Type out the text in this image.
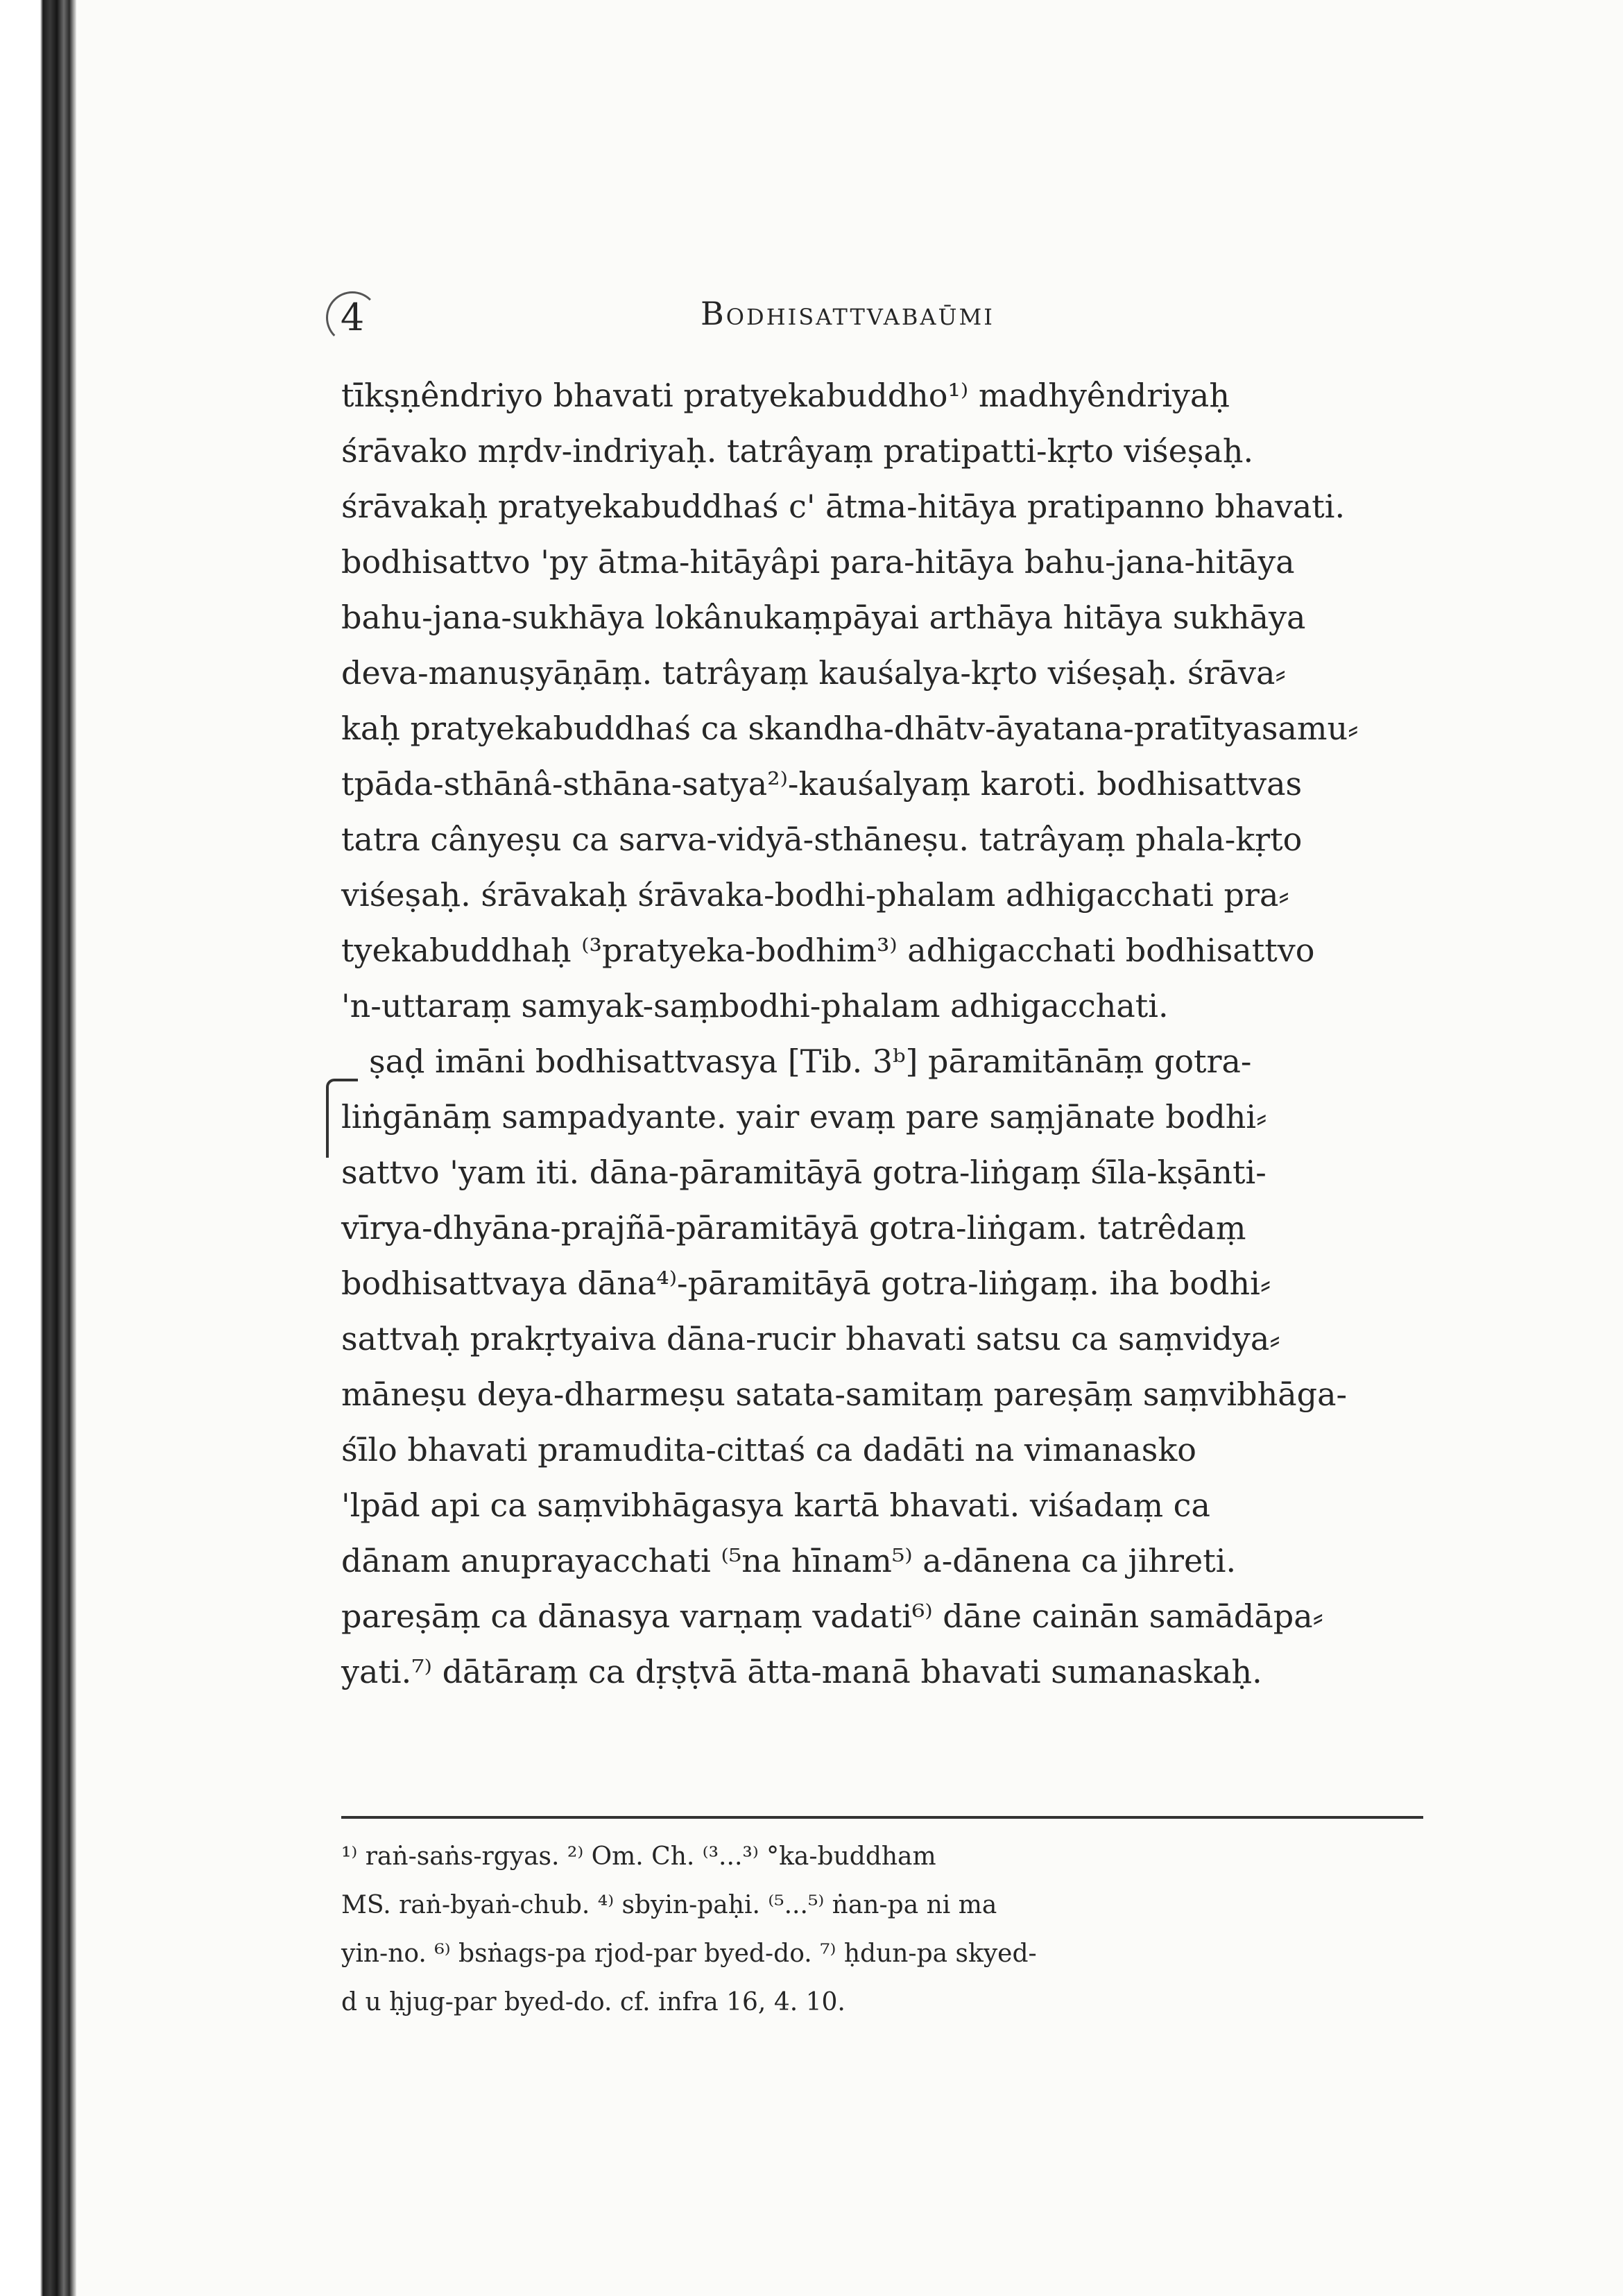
4	Bodhisattvabaūmi
tīkṣṇêndriyo bhavati pratyekabuddho¹⁾ madhyêndriyaḥ
śrāvako mṛdv-indriyaḥ. tatrâyaṃ pratipatti-kṛto viśeṣaḥ.
śrāvakaḥ pratyekabuddhaś c' ātma-hitāya pratipanno bhavati.
bodhisattvo 'py ātma-hitāyâpi para-hitāya bahu-jana-hitāya
bahu-jana-sukhāya lokânukaṃpāyai arthāya hitāya sukhāya
deva-manuṣyāṇāṃ. tatrâyaṃ kauśalya-kṛto viśeṣaḥ. śrāva⸗
kaḥ pratyekabuddhaś ca skandha-dhātv-āyatana-pratītyasamu⸗
tpāda-sthānâ-sthāna-satya²⁾-kauśalyaṃ karoti. bodhisattvas
tatra cânyeṣu ca sarva-vidyā-sthāneṣu. tatrâyaṃ phala-kṛto
viśeṣaḥ. śrāvakaḥ śrāvaka-bodhi-phalam adhigacchati pra⸗
tyekabuddhaḥ ⁽³pratyeka-bodhim³⁾ adhigacchati bodhisattvo
'n-uttaraṃ samyak-saṃbodhi-phalam adhigacchati.
ṣaḍ imāni bodhisattvasya [Tib. 3ᵇ] pāramitānāṃ gotra-
liṅgānāṃ sampadyante. yair evaṃ pare saṃjānate bodhi⸗
sattvo 'yam iti. dāna-pāramitāyā gotra-liṅgaṃ śīla-kṣānti-
vīrya-dhyāna-prajñā-pāramitāyā gotra-liṅgam. tatrêdaṃ
bodhisattvaya dāna⁴⁾-pāramitāyā gotra-liṅgaṃ. iha bodhi⸗
sattvaḥ prakṛtyaiva dāna-rucir bhavati satsu ca saṃvidya⸗
māneṣu deya-dharmeṣu satata-samitaṃ pareṣāṃ saṃvibhāga-
śīlo bhavati pramudita-cittaś ca dadāti na vimanasko
'lpād api ca saṃvibhāgasya kartā bhavati. viśadaṃ ca
dānam anuprayacchati ⁽⁵na hīnam⁵⁾ a-dānena ca jihreti.
pareṣāṃ ca dānasya varṇaṃ vadati⁶⁾ dāne cainān samādāpa⸗
yati.⁷⁾ dātāraṃ ca dṛṣṭvā ātta-manā bhavati sumanaskaḥ.
¹⁾ raṅ-saṅs-rgyas. ²⁾ Om. Ch. ⁽³...³⁾ °ka-buddham
MS. raṅ-byaṅ-chub. ⁴⁾ sbyin-paḥi. ⁽⁵...⁵⁾ ṅan-pa ni ma
yin-no. ⁶⁾ bsṅags-pa rjod-par byed-do. ⁷⁾ ḥdun-pa skyed-
d u ḥjug-par byed-do. cf. infra 16, 4. 10.
